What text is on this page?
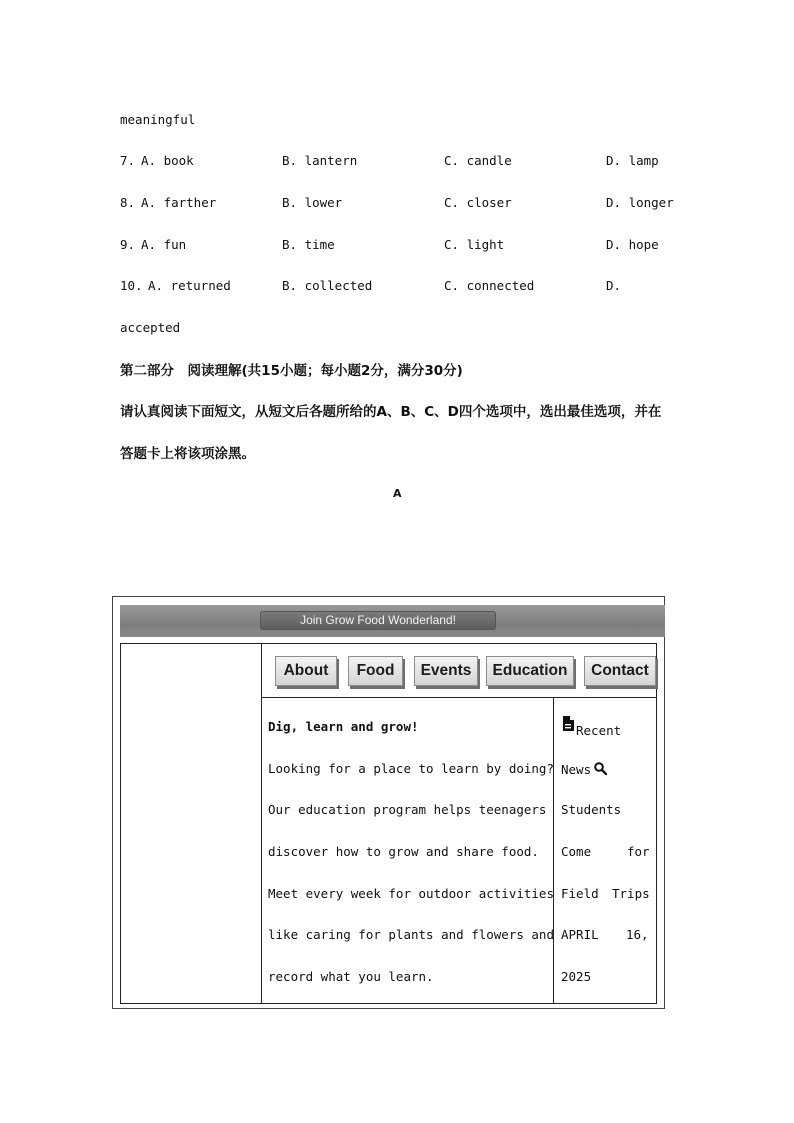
meaningful
7. A. book	B. lantern	C. candle	D. lamp
8. A. farther	B. lower	C. closer	D. longer
9. A. fun	B. time	C. light	D. hope
10. A. returned	B. collected	C. connected	D.
accepted
第二部分　阅读理解(共15小题；每小题2分，满分30分)
请认真阅读下面短文，从短文后各题所给的A、B、C、D四个选项中，选出最佳选项，并在
答题卡上将该项涂黑。
A
Join Grow Food Wonderland!
About	Food	Events	Education	Contact
Dig, learn and grow!
Looking for a place to learn by doing?
Our education program helps teenagers
discover how to grow and share food.
Meet every week for outdoor activities
like caring for plants and flowers and
record what you learn.
Recent
News
Students
Come	for
Field Trips
APRIL 16,
2025
